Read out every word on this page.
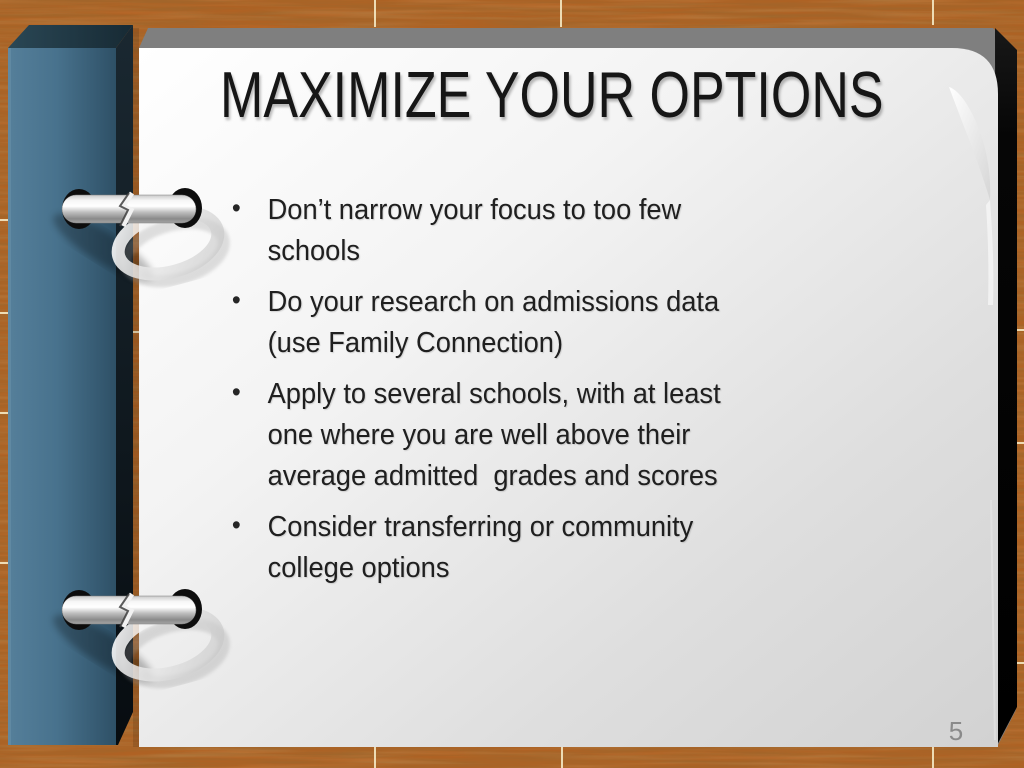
MAXIMIZE YOUR OPTIONS
• Don’t narrow your focus to too few
schools
• Do your research on admissions data
(use Family Connection)
• Apply to several schools, with at least
one where you are well above their
average admitted  grades and scores
• Consider transferring or community
college options
5
